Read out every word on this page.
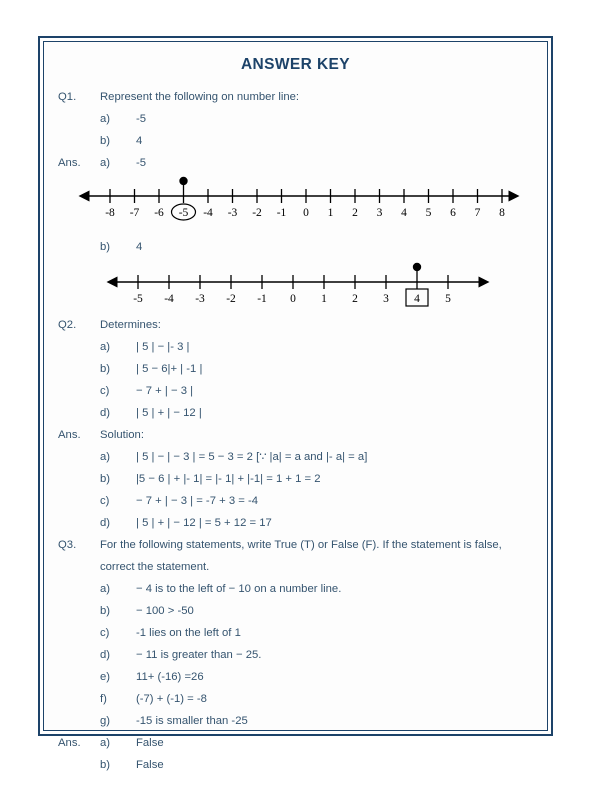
ANSWER KEY
Q1.	Represent the following on number line:
a)	-5
b)	4
Ans.	a)	-5
-8 -7 -6 -5 -4 -3 -2 -1 0 1 2 3 4 5 6 7 8
b)	4
-5 -4 -3 -2 -1 0 1 2 3 4 5
Q2.	Determines:
a)	| 5 | − |- 3 |
b)	| 5 − 6|+ | -1 |
c)	− 7 + | − 3 |
d)	| 5 | + | − 12 |
Ans.	Solution:
a)	| 5 | − | − 3 | = 5 − 3 = 2 [∵ |a| = a and |- a| = a]
b)	|5 − 6 | + |- 1| = |- 1| + |-1| = 1 + 1 = 2
c)	− 7 + | − 3 | = -7 + 3 = -4
d)	| 5 | + | − 12 | = 5 + 12 = 17
Q3.	For the following statements, write True (T) or False (F). If the statement is false,
correct the statement.
a)	− 4 is to the left of − 10 on a number line.
b)	− 100 > -50
c)	-1 lies on the left of 1
d)	− 11 is greater than − 25.
e)	11+ (-16) =26
f)	(-7) + (-1) = -8
g)	-15 is smaller than -25
Ans.	a)	False
b)	False
